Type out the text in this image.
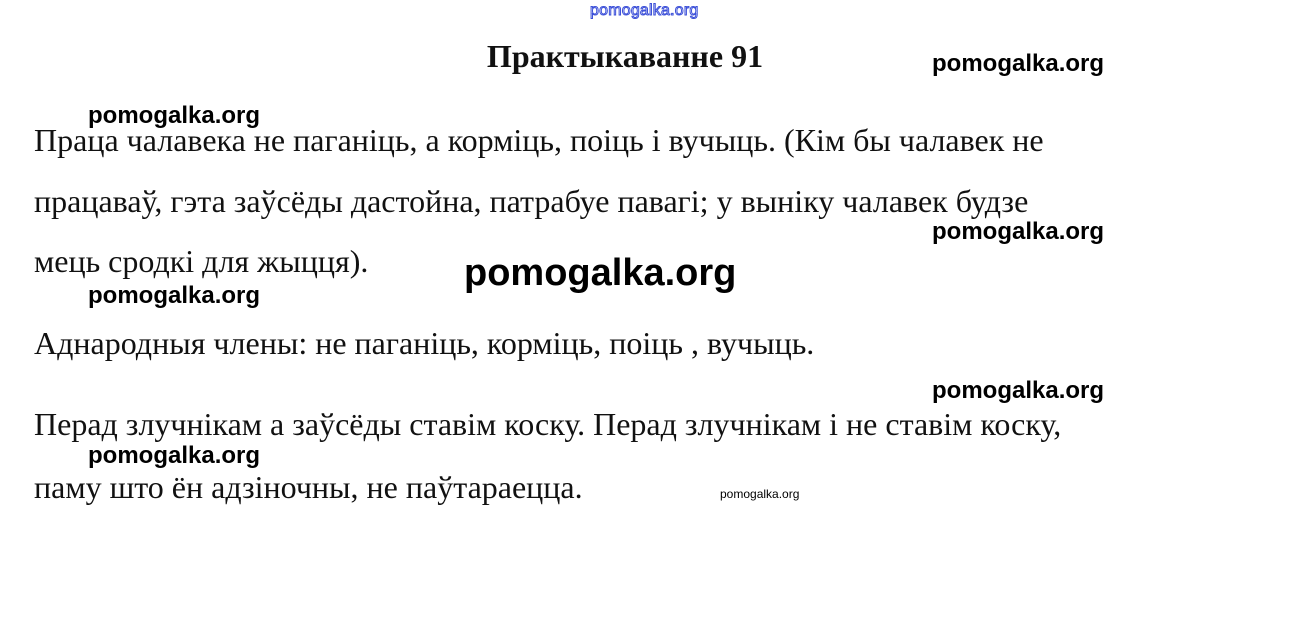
pomogalka.org
Практыкаванне 91
Праца чалавека не паганіць, а корміць, поіць і вучыць. (Кім бы чалавек не
працаваў, гэта заўсёды дастойна, патрабуе павагі; у выніку чалавек будзе
мець сродкі для жыцця).
Аднародныя члены: не паганіць, корміць, поіць , вучыць.
Перад злучнікам а заўсёды ставім коску. Перад злучнікам і не ставім коску,
паму што ён адзіночны, не паўтараецца.
pomogalka.org
pomogalka.org
pomogalka.org
pomogalka.org
pomogalka.org
pomogalka.org
pomogalka.org
pomogalka.org
